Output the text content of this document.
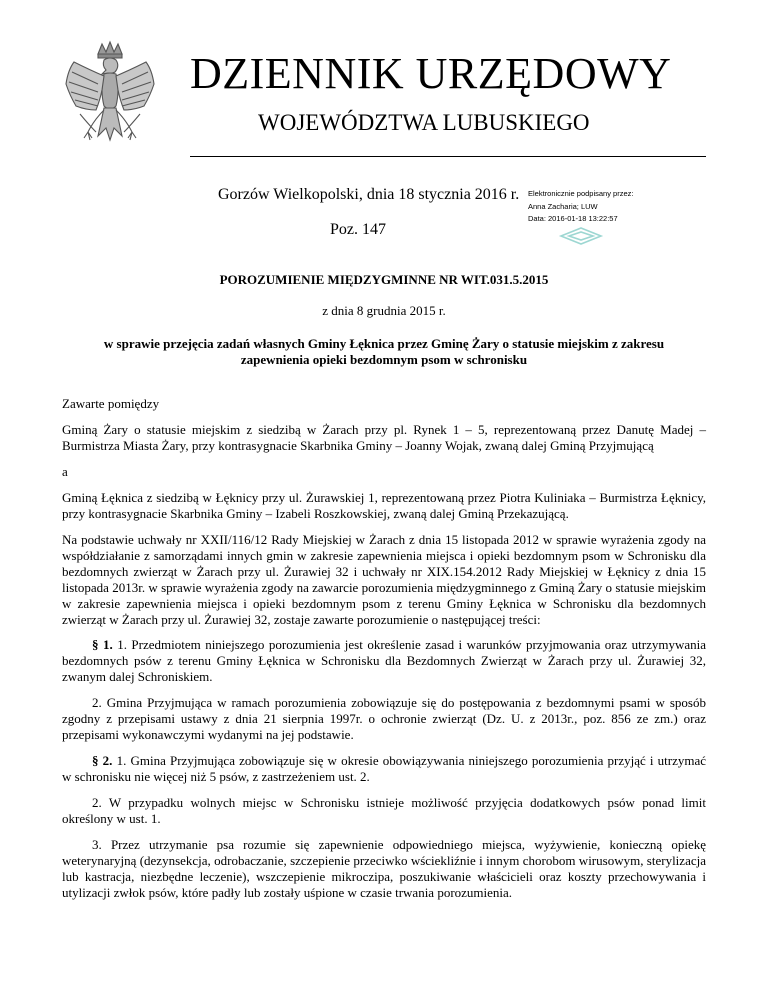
DZIENNIK URZĘDOWY
WOJEWÓDZTWA LUBUSKIEGO
Gorzów Wielkopolski, dnia 18 stycznia 2016 r.
Poz. 147
Elektronicznie podpisany przez:
Anna Zacharia; LUW
Data: 2016-01-18 13:22:57
POROZUMIENIE MIĘDZYGMINNE NR WIT.031.5.2015
z dnia 8 grudnia 2015 r.
w sprawie przejęcia zadań własnych Gminy Łęknica przez Gminę Żary o statusie miejskim z zakresu zapewnienia opieki bezdomnym psom w schronisku

Zawarte pomiędzy

Gminą Żary o statusie miejskim z siedzibą w Żarach przy pl. Rynek 1 – 5, reprezentowaną przez Danutę Madej – Burmistrza Miasta Żary, przy kontrasygnacie Skarbnika Gminy – Joanny Wojak, zwaną dalej Gminą Przyjmującą

a

Gminą Łęknica z siedzibą w Łęknicy przy ul. Żurawskiej 1, reprezentowaną przez Piotra Kuliniaka – Burmistrza Łęknicy, przy kontrasygnacie Skarbnika Gminy – Izabeli Roszkowskiej, zwaną dalej Gminą Przekazującą.

Na podstawie uchwały nr XXII/116/12 Rady Miejskiej w Żarach z dnia 15 listopada 2012 w sprawie wyrażenia zgody na współdziałanie z samorządami innych gmin w zakresie zapewnienia miejsca i opieki bezdomnym psom w Schronisku dla bezdomnych zwierząt w Żarach przy ul. Żurawiej 32 i uchwały nr XIX.154.2012 Rady Miejskiej w Łęknicy z dnia 15 listopada 2013r. w sprawie wyrażenia zgody na zawarcie porozumienia międzygminnego z Gminą Żary o statusie miejskim w zakresie zapewnienia miejsca i opieki bezdomnym psom z terenu Gminy Łęknica w Schronisku dla bezdomnych zwierząt w Żarach przy ul. Żurawiej 32, zostaje zawarte porozumienie o następującej treści:

§ 1. 1. Przedmiotem niniejszego porozumienia jest określenie zasad i warunków przyjmowania oraz utrzymywania bezdomnych psów z terenu Gminy Łęknica w Schronisku dla Bezdomnych Zwierząt w Żarach przy ul. Żurawiej 32, zwanym dalej Schroniskiem.

2. Gmina Przyjmująca w ramach porozumienia zobowiązuje się do postępowania z bezdomnymi psami w sposób zgodny z przepisami ustawy z dnia 21 sierpnia 1997r. o ochronie zwierząt (Dz. U. z 2013r., poz. 856 ze zm.) oraz przepisami wykonawczymi wydanymi na jej podstawie.

§ 2. 1. Gmina Przyjmująca zobowiązuje się w okresie obowiązywania niniejszego porozumienia przyjąć i utrzymać w schronisku nie więcej niż 5 psów, z zastrzeżeniem ust. 2.

2. W przypadku wolnych miejsc w Schronisku istnieje możliwość przyjęcia dodatkowych psów ponad limit określony w ust. 1.

3. Przez utrzymanie psa rozumie się zapewnienie odpowiedniego miejsca, wyżywienie, konieczną opiekę weterynaryjną (dezynsekcja, odrobaczanie, szczepienie przeciwko wściekliźnie i innym chorobom wirusowym, sterylizacja lub kastracja, niezbędne leczenie), wszczepienie mikroczipa, poszukiwanie właścicieli oraz koszty przechowywania i utylizacji zwłok psów, które padły lub zostały uśpione w czasie trwania porozumienia.
